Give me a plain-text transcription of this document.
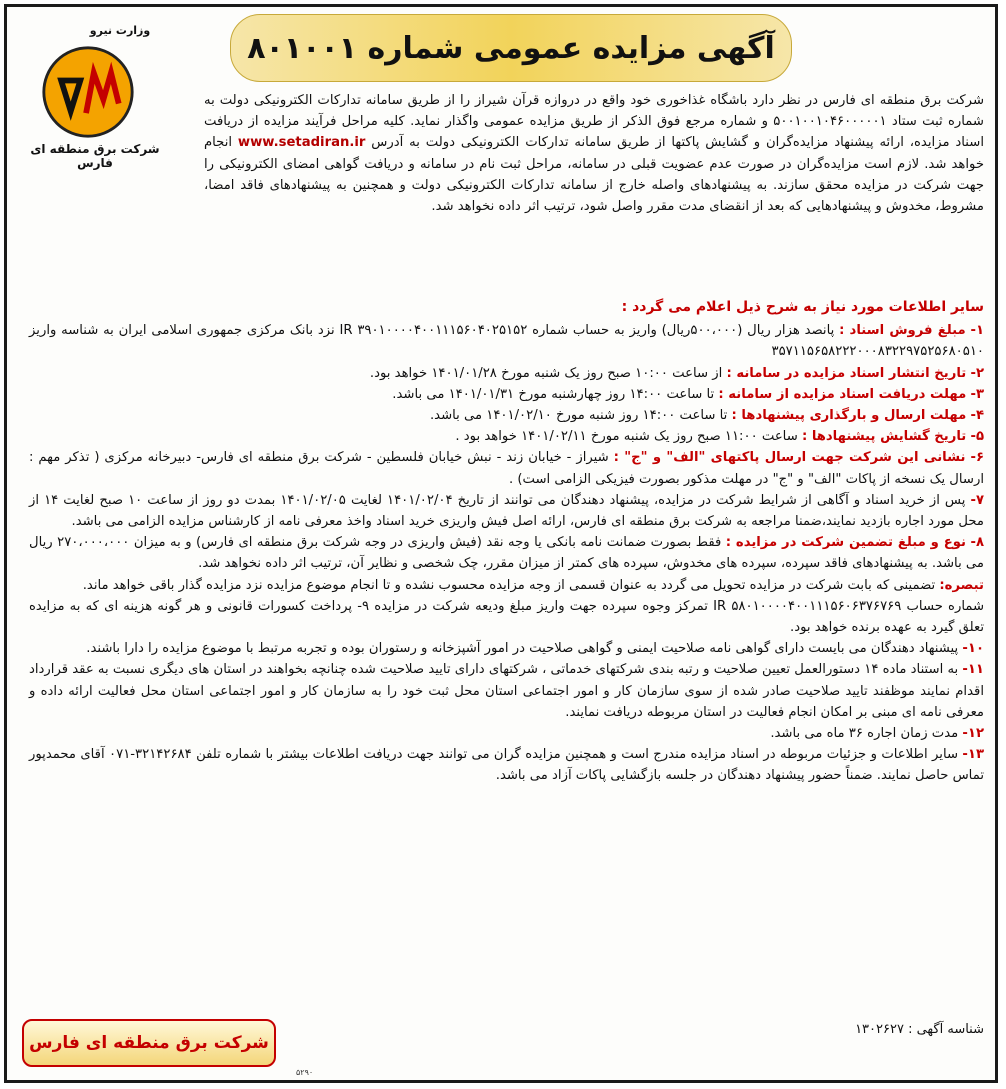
وزارت نیرو
شرکت برق منطقه ای فارس
آگهی مزایده عمومی شماره ۸۰۱۰۰۱

شرکت برق منطقه ای فارس در نظر دارد باشگاه غذاخوری خود واقع در دروازه قرآن شیراز را از طریق سامانه تدارکات الکترونیکی دولت به شماره ثبت ستاد ۵۰۰۱۰۰۱۰۴۶۰۰۰۰۰۱ و شماره مرجع فوق الذکر از طریق مزایده عمومی واگذار نماید. کلیه مراحل فرآیند مزایده از دریافت اسناد مزایده، ارائه پیشنهاد مزایده‌گران و گشایش پاکتها از طریق سامانه تدارکات الکترونیکی دولت به آدرس www.setadiran.ir انجام خواهد شد. لازم است مزایده‌گران در صورت عدم عضویت قبلی در سامانه، مراحل ثبت نام در سامانه و دریافت گواهی امضای الکترونیکی را جهت شرکت در مزایده محقق سازند. به پیشنهادهای واصله خارج از سامانه تدارکات الکترونیکی دولت و همچنین به پیشنهادهای فاقد امضا، مشروط، مخدوش و پیشنهادهایی که بعد از انقضای مدت مقرر واصل شود، ترتیب اثر داده نخواهد شد.

سایر اطلاعات مورد نیاز به شرح ذیل اعلام می گردد :

۱- مبلغ فروش اسناد : پانصد هزار ریال (۵۰۰،۰۰۰ریال) واریز به حساب شماره ۳۹۰۱۰۰۰۰۴۰۰۱۱۱۵۶۰۴۰۲۵۱۵۲ IR نزد بانک مرکزی جمهوری اسلامی ایران به شناسه واریز ۳۵۷۱۱۵۶۵۸۲۲۲۰۰۰۸۳۲۲۹۷۵۲۵۶۸۰۵۱۰

۲- تاریخ انتشار اسناد مزایده در سامانه : از ساعت ۱۰:۰۰ صبح روز یک شنبه مورخ ۱۴۰۱/۰۱/۲۸ خواهد بود.

۳- مهلت دریافت اسناد مزایده از سامانه : تا ساعت ۱۴:۰۰ روز چهارشنبه مورخ ۱۴۰۱/۰۱/۳۱ می باشد.

۴- مهلت ارسال و بارگذاری پیشنهادها : تا ساعت ۱۴:۰۰ روز شنبه مورخ ۱۴۰۱/۰۲/۱۰ می باشد.

۵- تاریخ گشایش پیشنهادها : ساعت ۱۱:۰۰ صبح روز یک شنبه مورخ ۱۴۰۱/۰۲/۱۱ خواهد بود .

۶- نشانی این شرکت جهت ارسال پاکتهای "الف" و "ج" : شیراز - خیابان زند - نبش خیابان فلسطین - شرکت برق منطقه ای فارس- دبیرخانه مرکزی ( تذکر مهم : ارسال یک نسخه از پاکات "الف" و "ج" در مهلت مذکور بصورت فیزیکی الزامی است) .

۷- پس از خرید اسناد و آگاهی از شرایط شرکت در مزایده، پیشنهاد دهندگان می توانند از تاریخ ۱۴۰۱/۰۲/۰۴ لغایت ۱۴۰۱/۰۲/۰۵ بمدت دو روز از ساعت ۱۰ صبح لغایت ۱۴ از محل مورد اجاره بازدید نمایند،ضمنا مراجعه به شرکت برق منطقه ای فارس، ارائه اصل فیش واریزی خرید اسناد واخذ معرفی نامه از کارشناس مزایده الزامی می باشد.

۸- نوع و مبلغ تضمین شرکت در مزایده : فقط بصورت ضمانت نامه بانکی یا وجه نقد (فیش واریزی در وجه شرکت برق منطقه ای فارس) و به میزان ۲۷۰،۰۰۰،۰۰۰ ریال می باشد. به پیشنهادهای فاقد سپرده، سپرده های مخدوش، سپرده های کمتر از میزان مقرر، چک شخصی و نظایر آن، ترتیب اثر داده نخواهد شد.

تبصره: تضمینی که بابت شرکت در مزایده تحویل می گردد به عنوان قسمی از وجه مزایده محسوب نشده و تا انجام موضوع مزایده نزد مزایده گذار باقی خواهد ماند.

شماره حساب ۵۸۰۱۰۰۰۰۴۰۰۱۱۱۵۶۰۶۳۷۶۷۶۹ IR تمرکز وجوه سپرده جهت واریز مبلغ ودیعه شرکت در مزایده ۹- پرداخت کسورات قانونی و هر گونه هزینه ای که به مزایده تعلق گیرد به عهده برنده خواهد بود.

۱۰- پیشنهاد دهندگان می بایست دارای گواهی نامه صلاحیت ایمنی و گواهی صلاحیت در امور آشپزخانه و رستوران بوده و تجربه مرتبط با موضوع مزایده را دارا باشند.

۱۱- به استناد ماده ۱۴ دستورالعمل تعیین صلاحیت و رتبه بندی شرکتهای خدماتی ، شرکتهای دارای تایید صلاحیت شده چنانچه بخواهند در استان های دیگری نسبت به عقد قرارداد اقدام نمایند موظفند تایید صلاحیت صادر شده از سوی سازمان کار و امور اجتماعی استان محل ثبت خود را به سازمان کار و امور اجتماعی استان محل فعالیت ارائه داده و معرفی نامه ای مبنی بر امکان انجام فعالیت در استان مربوطه دریافت نمایند.

۱۲- مدت زمان اجاره ۳۶ ماه می باشد.

۱۳- سایر اطلاعات و جزئیات مربوطه در اسناد مزایده مندرج است و همچنین مزایده گران می توانند جهت دریافت اطلاعات بیشتر با شماره تلفن ۳۲۱۴۲۶۸۴-۰۷۱ آقای محمدپور تماس حاصل نمایند. ضمناً حضور پیشنهاد دهندگان در جلسه بازگشایی پاکات آزاد می باشد.

شناسه آگهی : ۱۳۰۲۶۲۷
شرکت برق منطقه ای فارس
۵۲۹۰
